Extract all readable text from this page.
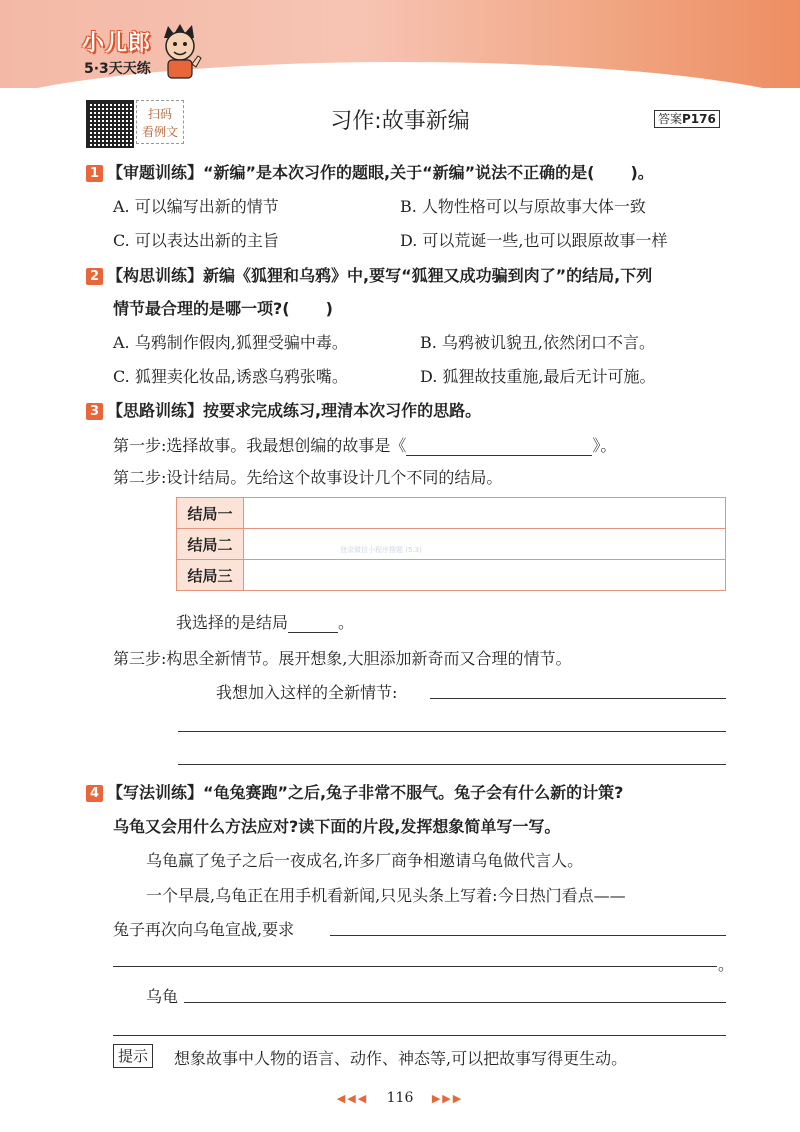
小儿郎
5·3天天练
扫码
看例文	习作:故事新编	答案P176
1 【审题训练】“新编”是本次习作的题眼,关于“新编”说法不正确的是( )。
A. 可以编写出新的情节	B. 人物性格可以与原故事大体一致
C. 可以表达出新的主旨	D. 可以荒诞一些,也可以跟原故事一样
2 【构思训练】新编《狐狸和乌鸦》中,要写“狐狸又成功骗到肉了”的结局,下列
情节最合理的是哪一项?( )
A. 乌鸦制作假肉,狐狸受骗中毒。	B. 乌鸦被讥貌丑,依然闭口不言。
C. 狐狸卖化妆品,诱惑乌鸦张嘴。	D. 狐狸故技重施,最后无计可施。
3 【思路训练】按要求完成练习,理清本次习作的思路。
第一步:选择故事。我最想创编的故事是《	》。
第二步:设计结局。先给这个故事设计几个不同的结局。
结局一	
结局二	
结局三	
登录微信小程序搜题 (5.3)
我选择的是结局	。
第三步:构思全新情节。展开想象,大胆添加新奇而又合理的情节。
我想加入这样的全新情节:
4 【写法训练】“龟兔赛跑”之后,兔子非常不服气。兔子会有什么新的计策?
乌龟又会用什么方法应对?读下面的片段,发挥想象简单写一写。
乌龟赢了兔子之后一夜成名,许多厂商争相邀请乌龟做代言人。
一个早晨,乌龟正在用手机看新闻,只见头条上写着:今日热门看点——
兔子再次向乌龟宣战,要求
。
乌龟
提示	想象故事中人物的语言、动作、神态等,可以把故事写得更生动。
◀◀◀ 116 ▶▶▶
